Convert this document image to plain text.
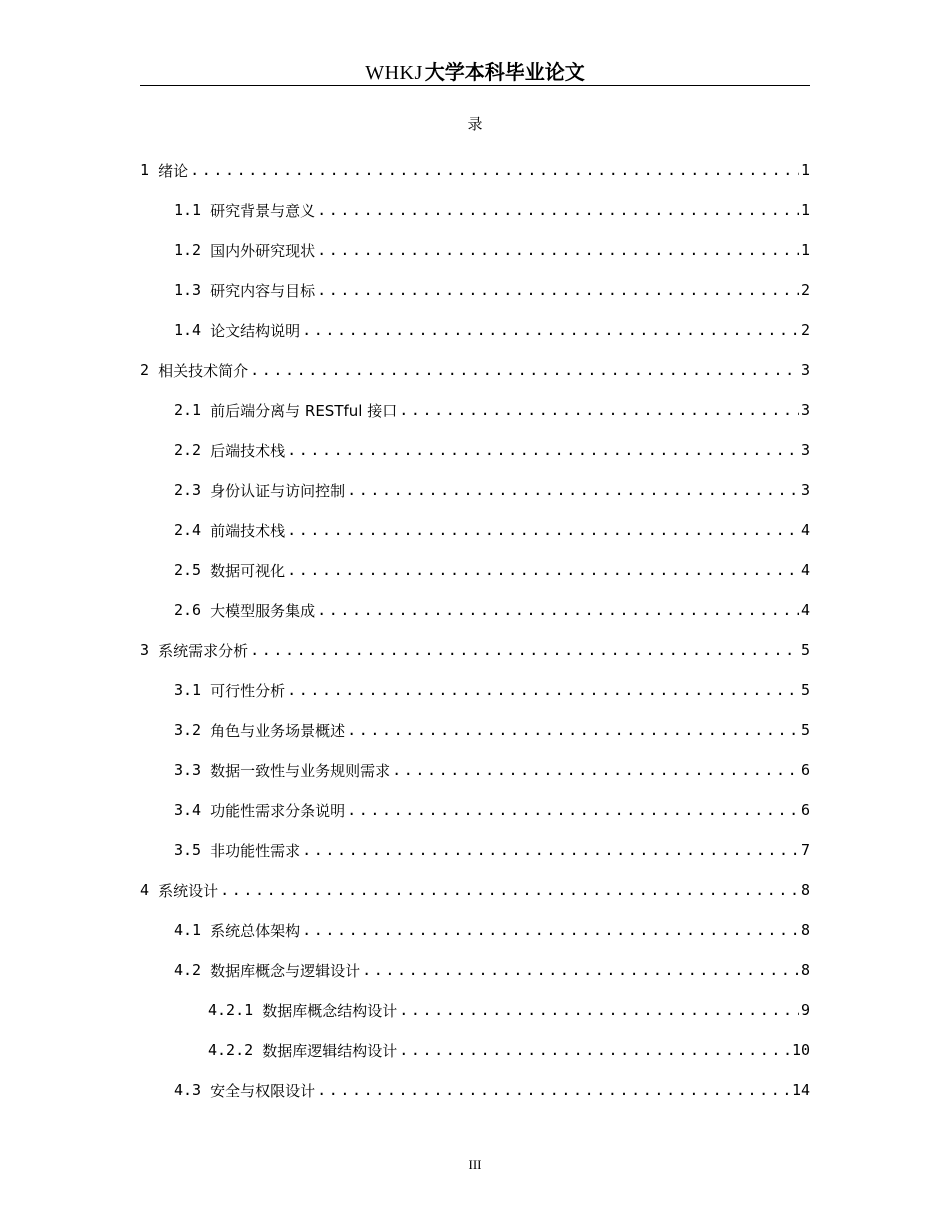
WHKJ 大学本科毕业论文
录
1 绪论 .....	1
1.1 研究背景与意义 .....	1
1.2 国内外研究现状 .....	1
1.3 研究内容与目标 .....	2
1.4 论文结构说明 .....	2
2 相关技术简介 .....	3
2.1 前后端分离与 RESTful 接口 .....	3
2.2 后端技术栈 .....	3
2.3 身份认证与访问控制 .....	3
2.4 前端技术栈 .....	4
2.5 数据可视化 .....	4
2.6 大模型服务集成 .....	4
3 系统需求分析 .....	5
3.1 可行性分析 .....	5
3.2 角色与业务场景概述 .....	5
3.3 数据一致性与业务规则需求 .....	6
3.4 功能性需求分条说明 .....	6
3.5 非功能性需求 .....	7
4 系统设计 .....	8
4.1 系统总体架构 .....	8
4.2 数据库概念与逻辑设计 .....	8
4.2.1 数据库概念结构设计 .....	9
4.2.2 数据库逻辑结构设计 .....	10
4.3 安全与权限设计 .....	14
III
